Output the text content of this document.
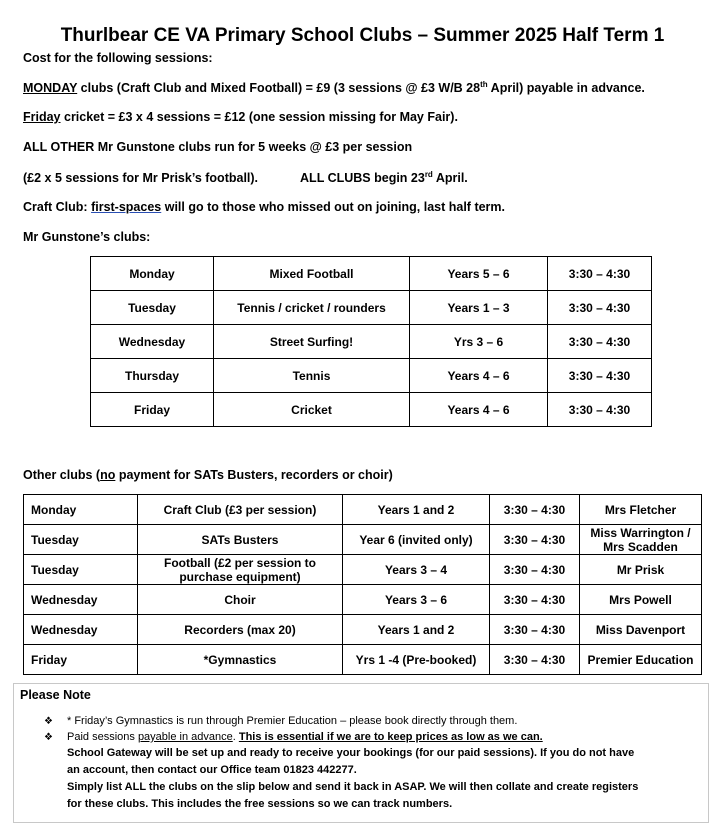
Thurlbear CE VA Primary School Clubs – Summer 2025 Half Term 1
Cost for the following sessions:
MONDAY clubs (Craft Club and Mixed Football) = £9 (3 sessions @ £3 W/B 28th April) payable in advance.
Friday cricket = £3 x 4 sessions = £12 (one session missing for May Fair).
ALL OTHER Mr Gunstone clubs run for 5 weeks @ £3 per session
(£2 x 5 sessions for Mr Prisk’s football).	ALL CLUBS begin 23rd April.
Craft Club: first-spaces will go to those who missed out on joining, last half term.
Mr Gunstone’s clubs:
Monday	Mixed Football	Years 5 – 6	3:30 – 4:30
Tuesday	Tennis / cricket / rounders	Years 1 – 3	3:30 – 4:30
Wednesday	Street Surfing!	Yrs 3 – 6	3:30 – 4:30
Thursday	Tennis	Years 4 – 6	3:30 – 4:30
Friday	Cricket	Years 4 – 6	3:30 – 4:30
Other clubs (no payment for SATs Busters, recorders or choir)
Monday	Craft Club (£3 per session)	Years 1 and 2	3:30 – 4:30	Mrs Fletcher
Tuesday	SATs Busters	Year 6 (invited only)	3:30 – 4:30	Miss Warrington / Mrs Scadden
Tuesday	Football (£2 per session to purchase equipment)	Years 3 – 4	3:30 – 4:30	Mr Prisk
Wednesday	Choir	Years 3 – 6	3:30 – 4:30	Mrs Powell
Wednesday	Recorders (max 20)	Years 1 and 2	3:30 – 4:30	Miss Davenport
Friday	*Gymnastics	Yrs 1 -4 (Pre-booked)	3:30 – 4:30	Premier Education
Please Note
❖ * Friday’s Gymnastics is run through Premier Education – please book directly through them.
❖ Paid sessions payable in advance. This is essential if we are to keep prices as low as we can.
School Gateway will be set up and ready to receive your bookings (for our paid sessions). If you do not have
an account, then contact our Office team 01823 442277.
Simply list ALL the clubs on the slip below and send it back in ASAP. We will then collate and create registers
for these clubs. This includes the free sessions so we can track numbers.
